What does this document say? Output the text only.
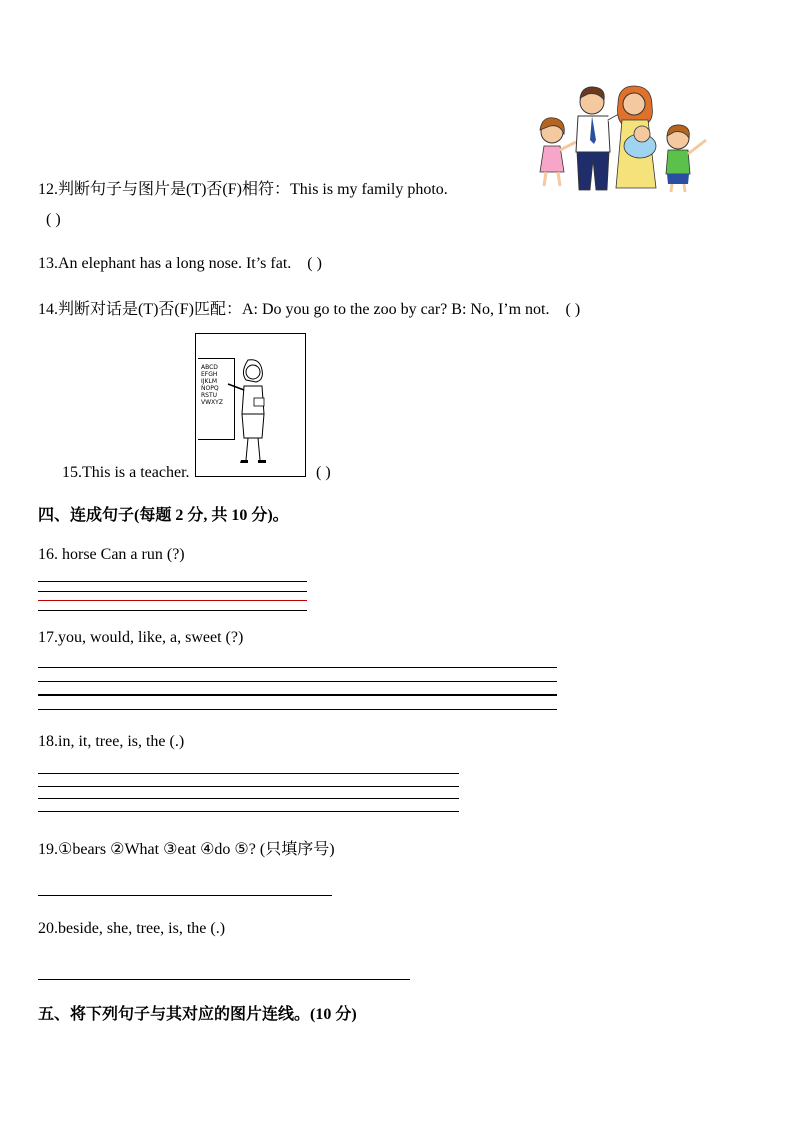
12.判断句子与图片是(T)否(F)相符：This is my family photo.
( )
13.An elephant has a long nose. It’s fat. ( )
14.判断对话是(T)否(F)匹配：A: Do you go to the zoo by car? B: No, I’m not. ( )
15.This is a teacher.
ABCD
EFGH
IJKLM
NOPQ
RSTU
VWXYZ
( )
四、连成句子(每题 2 分, 共 10 分)。
16. horse Can a run (?)
17.you, would, like, a, sweet (?)
18.in, it, tree, is, the (.)
19.①bears ②What ③eat ④do ⑤? (只填序号)
20.beside, she, tree, is, the (.)
五、将下列句子与其对应的图片连线。(10 分)
